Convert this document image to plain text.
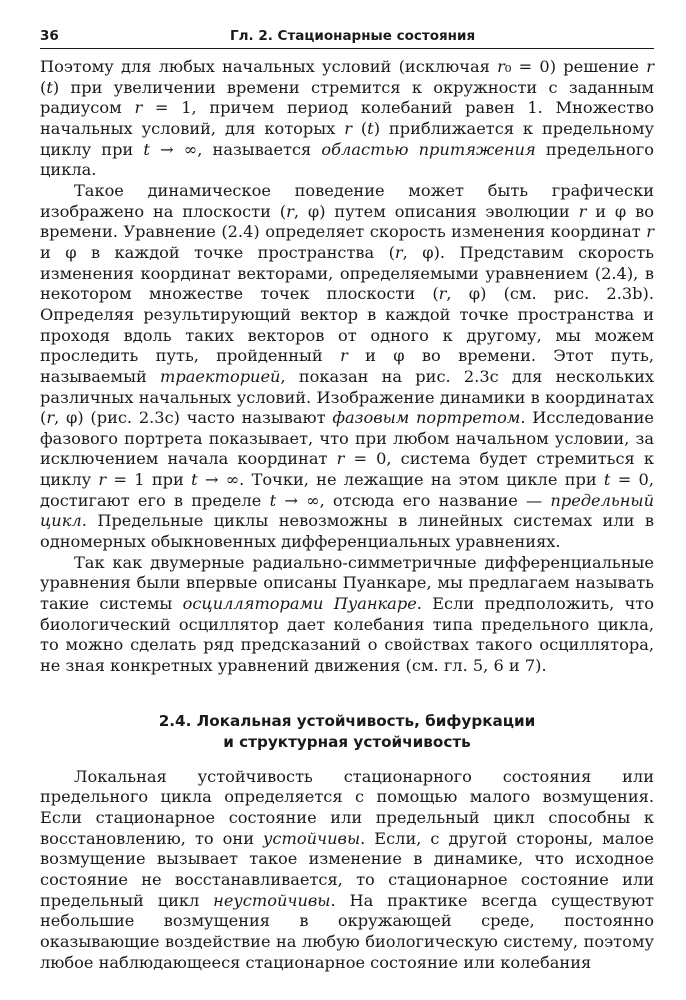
36	Гл. 2. Стационарные состояния

Поэтому для любых начальных условий (исключая r₀ = 0) решение r (t) при увеличении времени стремится к окружности с заданным радиусом r = 1, причем период колебаний равен 1. Множество начальных условий, для которых r (t) приближается к предельному циклу при t → ∞, называется областью притяжения предельного цикла.

Такое динамическое поведение может быть графически изображено на плоскости (r, φ) путем описания эволюции r и φ во времени. Уравнение (2.4) определяет скорость изменения координат r и φ в каждой точке пространства (r, φ). Представим скорость изменения координат векторами, определяемыми уравнением (2.4), в некотором множестве точек плоскости (r, φ) (см. рис. 2.3b). Определяя результирующий вектор в каждой точке пространства и проходя вдоль таких векторов от одного к другому, мы можем проследить путь, пройденный r и φ во времени. Этот путь, называемый траекторией, показан на рис. 2.3с для нескольких различных начальных условий. Изображение динамики в координатах (r, φ) (рис. 2.3с) часто называют фазовым портретом. Исследование фазового портрета показывает, что при любом начальном условии, за исключением начала координат r = 0, система будет стремиться к циклу r = 1 при t → ∞. Точки, не лежащие на этом цикле при t = 0, достигают его в пределе t → ∞, отсюда его название — предельный цикл. Предельные циклы невозможны в линейных системах или в одномерных обыкновенных дифференциальных уравнениях.

Так как двумерные радиально-симметричные дифференциальные уравнения были впервые описаны Пуанкаре, мы предлагаем называть такие системы осцилляторами Пуанкаре. Если предположить, что биологический осциллятор дает колебания типа предельного цикла, то можно сделать ряд предсказаний о свойствах такого осциллятора, не зная конкретных уравнений движения (см. гл. 5, 6 и 7).

2.4. Локальная устойчивость, бифуркации
и структурная устойчивость

Локальная устойчивость стационарного состояния или предельного цикла определяется с помощью малого возмущения. Если стационарное состояние или предельный цикл способны к восстановлению, то они устойчивы. Если, с другой стороны, малое возмущение вызывает такое изменение в динамике, что исходное состояние не восстанавливается, то стационарное состояние или предельный цикл неустойчивы. На практике всегда существуют небольшие возмущения в окружающей среде, постоянно оказывающие воздействие на любую биологическую систему, поэтому любое наблюдающееся стационарное состояние или колебания
